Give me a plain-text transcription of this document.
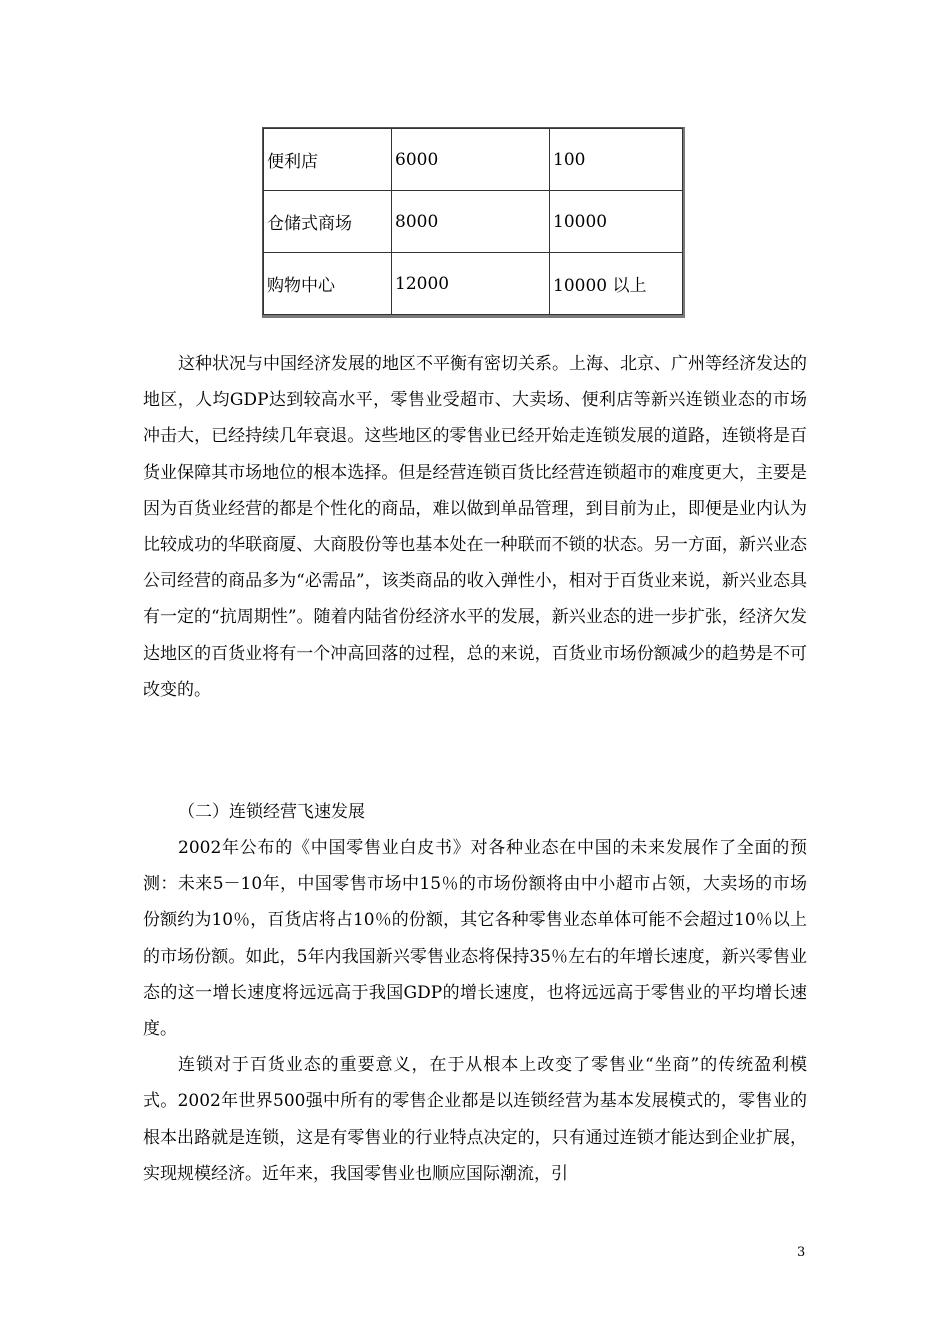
便利店	6000	100
仓储式商场	8000	10000
购物中心	12000	10000 以上

这种状况与中国经济发展的地区不平衡有密切关系。上海、北京、广州等经济发达的地区，人均GDP达到较高水平，零售业受超市、大卖场、便利店等新兴连锁业态的市场冲击大，已经持续几年衰退。这些地区的零售业已经开始走连锁发展的道路，连锁将是百货业保障其市场地位的根本选择。但是经营连锁百货比经营连锁超市的难度更大，主要是因为百货业经营的都是个性化的商品，难以做到单品管理，到目前为止，即便是业内认为比较成功的华联商厦、大商股份等也基本处在一种联而不锁的状态。另一方面，新兴业态公司经营的商品多为“必需品”，该类商品的收入弹性小，相对于百货业来说，新兴业态具有一定的“抗周期性”。随着内陆省份经济水平的发展，新兴业态的进一步扩张，经济欠发达地区的百货业将有一个冲高回落的过程，总的来说，百货业市场份额减少的趋势是不可改变的。

（二）连锁经营飞速发展

2002年公布的《中国零售业白皮书》对各种业态在中国的未来发展作了全面的预测：未来5－10年，中国零售市场中15％的市场份额将由中小超市占领，大卖场的市场份额约为10％，百货店将占10％的份额，其它各种零售业态单体可能不会超过10％以上的市场份额。如此，5年内我国新兴零售业态将保持35％左右的年增长速度，新兴零售业态的这一增长速度将远远高于我国GDP的增长速度，也将远远高于零售业的平均增长速度。

连锁对于百货业态的重要意义，在于从根本上改变了零售业“坐商”的传统盈利模式。2002年世界500强中所有的零售企业都是以连锁经营为基本发展模式的，零售业的根本出路就是连锁，这是有零售业的行业特点决定的，只有通过连锁才能达到企业扩展，实现规模经济。近年来，我国零售业也顺应国际潮流，引

3
